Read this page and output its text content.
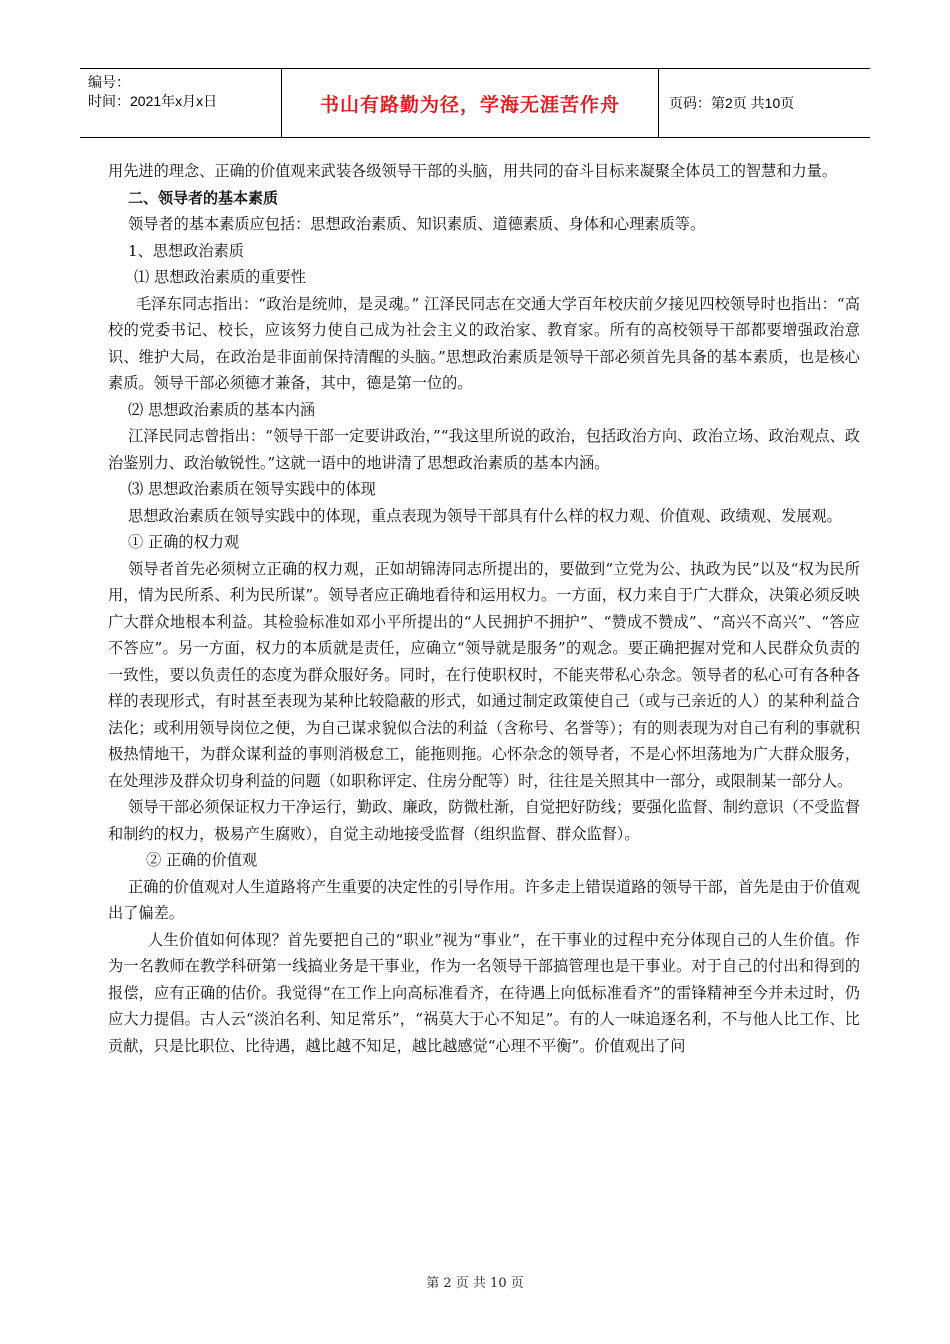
编号：
时间：2021年x月x日	书山有路勤为径，学海无涯苦作舟	页码：第2页 共10页

用先进的理念、正确的价值观来武装各级领导干部的头脑，用共同的奋斗目标来凝聚全体员工的智慧和力量。

二、领导者的基本素质

领导者的基本素质应包括：思想政治素质、知识素质、道德素质、身体和心理素质等。

1、思想政治素质

⑴ 思想政治素质的重要性

毛泽东同志指出：“政治是统帅，是灵魂。” 江泽民同志在交通大学百年校庆前夕接见四校领导时也指出：“高校的党委书记、校长，应该努力使自己成为社会主义的政治家、教育家。所有的高校领导干部都要增强政治意识、维护大局，在政治是非面前保持清醒的头脑。”思想政治素质是领导干部必须首先具备的基本素质，也是核心素质。领导干部必须德才兼备，其中，德是第一位的。

⑵ 思想政治素质的基本内涵

江泽民同志曾指出：“领导干部一定要讲政治，”“我这里所说的政治，包括政治方向、政治立场、政治观点、政治鉴别力、政治敏锐性。”这就一语中的地讲清了思想政治素质的基本内涵。

⑶ 思想政治素质在领导实践中的体现

思想政治素质在领导实践中的体现，重点表现为领导干部具有什么样的权力观、价值观、政绩观、发展观。

① 正确的权力观

领导者首先必须树立正确的权力观，正如胡锦涛同志所提出的，要做到“立党为公、执政为民”以及“权为民所用，情为民所系、利为民所谋”。领导者应正确地看待和运用权力。一方面，权力来自于广大群众，决策必须反映广大群众地根本利益。其检验标准如邓小平所提出的“人民拥护不拥护”、“赞成不赞成”、“高兴不高兴”、“答应不答应”。另一方面，权力的本质就是责任，应确立“领导就是服务”的观念。要正确把握对党和人民群众负责的一致性，要以负责任的态度为群众服好务。同时，在行使职权时，不能夹带私心杂念。领导者的私心可有各种各样的表现形式，有时甚至表现为某种比较隐蔽的形式，如通过制定政策使自己（或与己亲近的人）的某种利益合法化；或利用领导岗位之便，为自己谋求貌似合法的利益（含称号、名誉等）；有的则表现为对自己有利的事就积极热情地干，为群众谋利益的事则消极怠工，能拖则拖。心怀杂念的领导者，不是心怀坦荡地为广大群众服务，在处理涉及群众切身利益的问题（如职称评定、住房分配等）时，往往是关照其中一部分，或限制某一部分人。

领导干部必须保证权力干净运行，勤政、廉政，防微杜渐，自觉把好防线；要强化监督、制约意识（不受监督和制约的权力，极易产生腐败），自觉主动地接受监督（组织监督、群众监督）。

② 正确的价值观

正确的价值观对人生道路将产生重要的决定性的引导作用。许多走上错误道路的领导干部，首先是由于价值观出了偏差。

人生价值如何体现？首先要把自己的“职业”视为“事业”，在干事业的过程中充分体现自己的人生价值。作为一名教师在教学科研第一线搞业务是干事业，作为一名领导干部搞管理也是干事业。对于自己的付出和得到的报偿，应有正确的估价。我觉得“在工作上向高标准看齐，在待遇上向低标准看齐”的雷锋精神至今并未过时，仍应大力提倡。古人云“淡泊名利、知足常乐”，“祸莫大于心不知足”。有的人一味追逐名利，不与他人比工作、比贡献，只是比职位、比待遇，越比越不知足，越比越感觉“心理不平衡”。价值观出了问

第 2 页 共 10 页
